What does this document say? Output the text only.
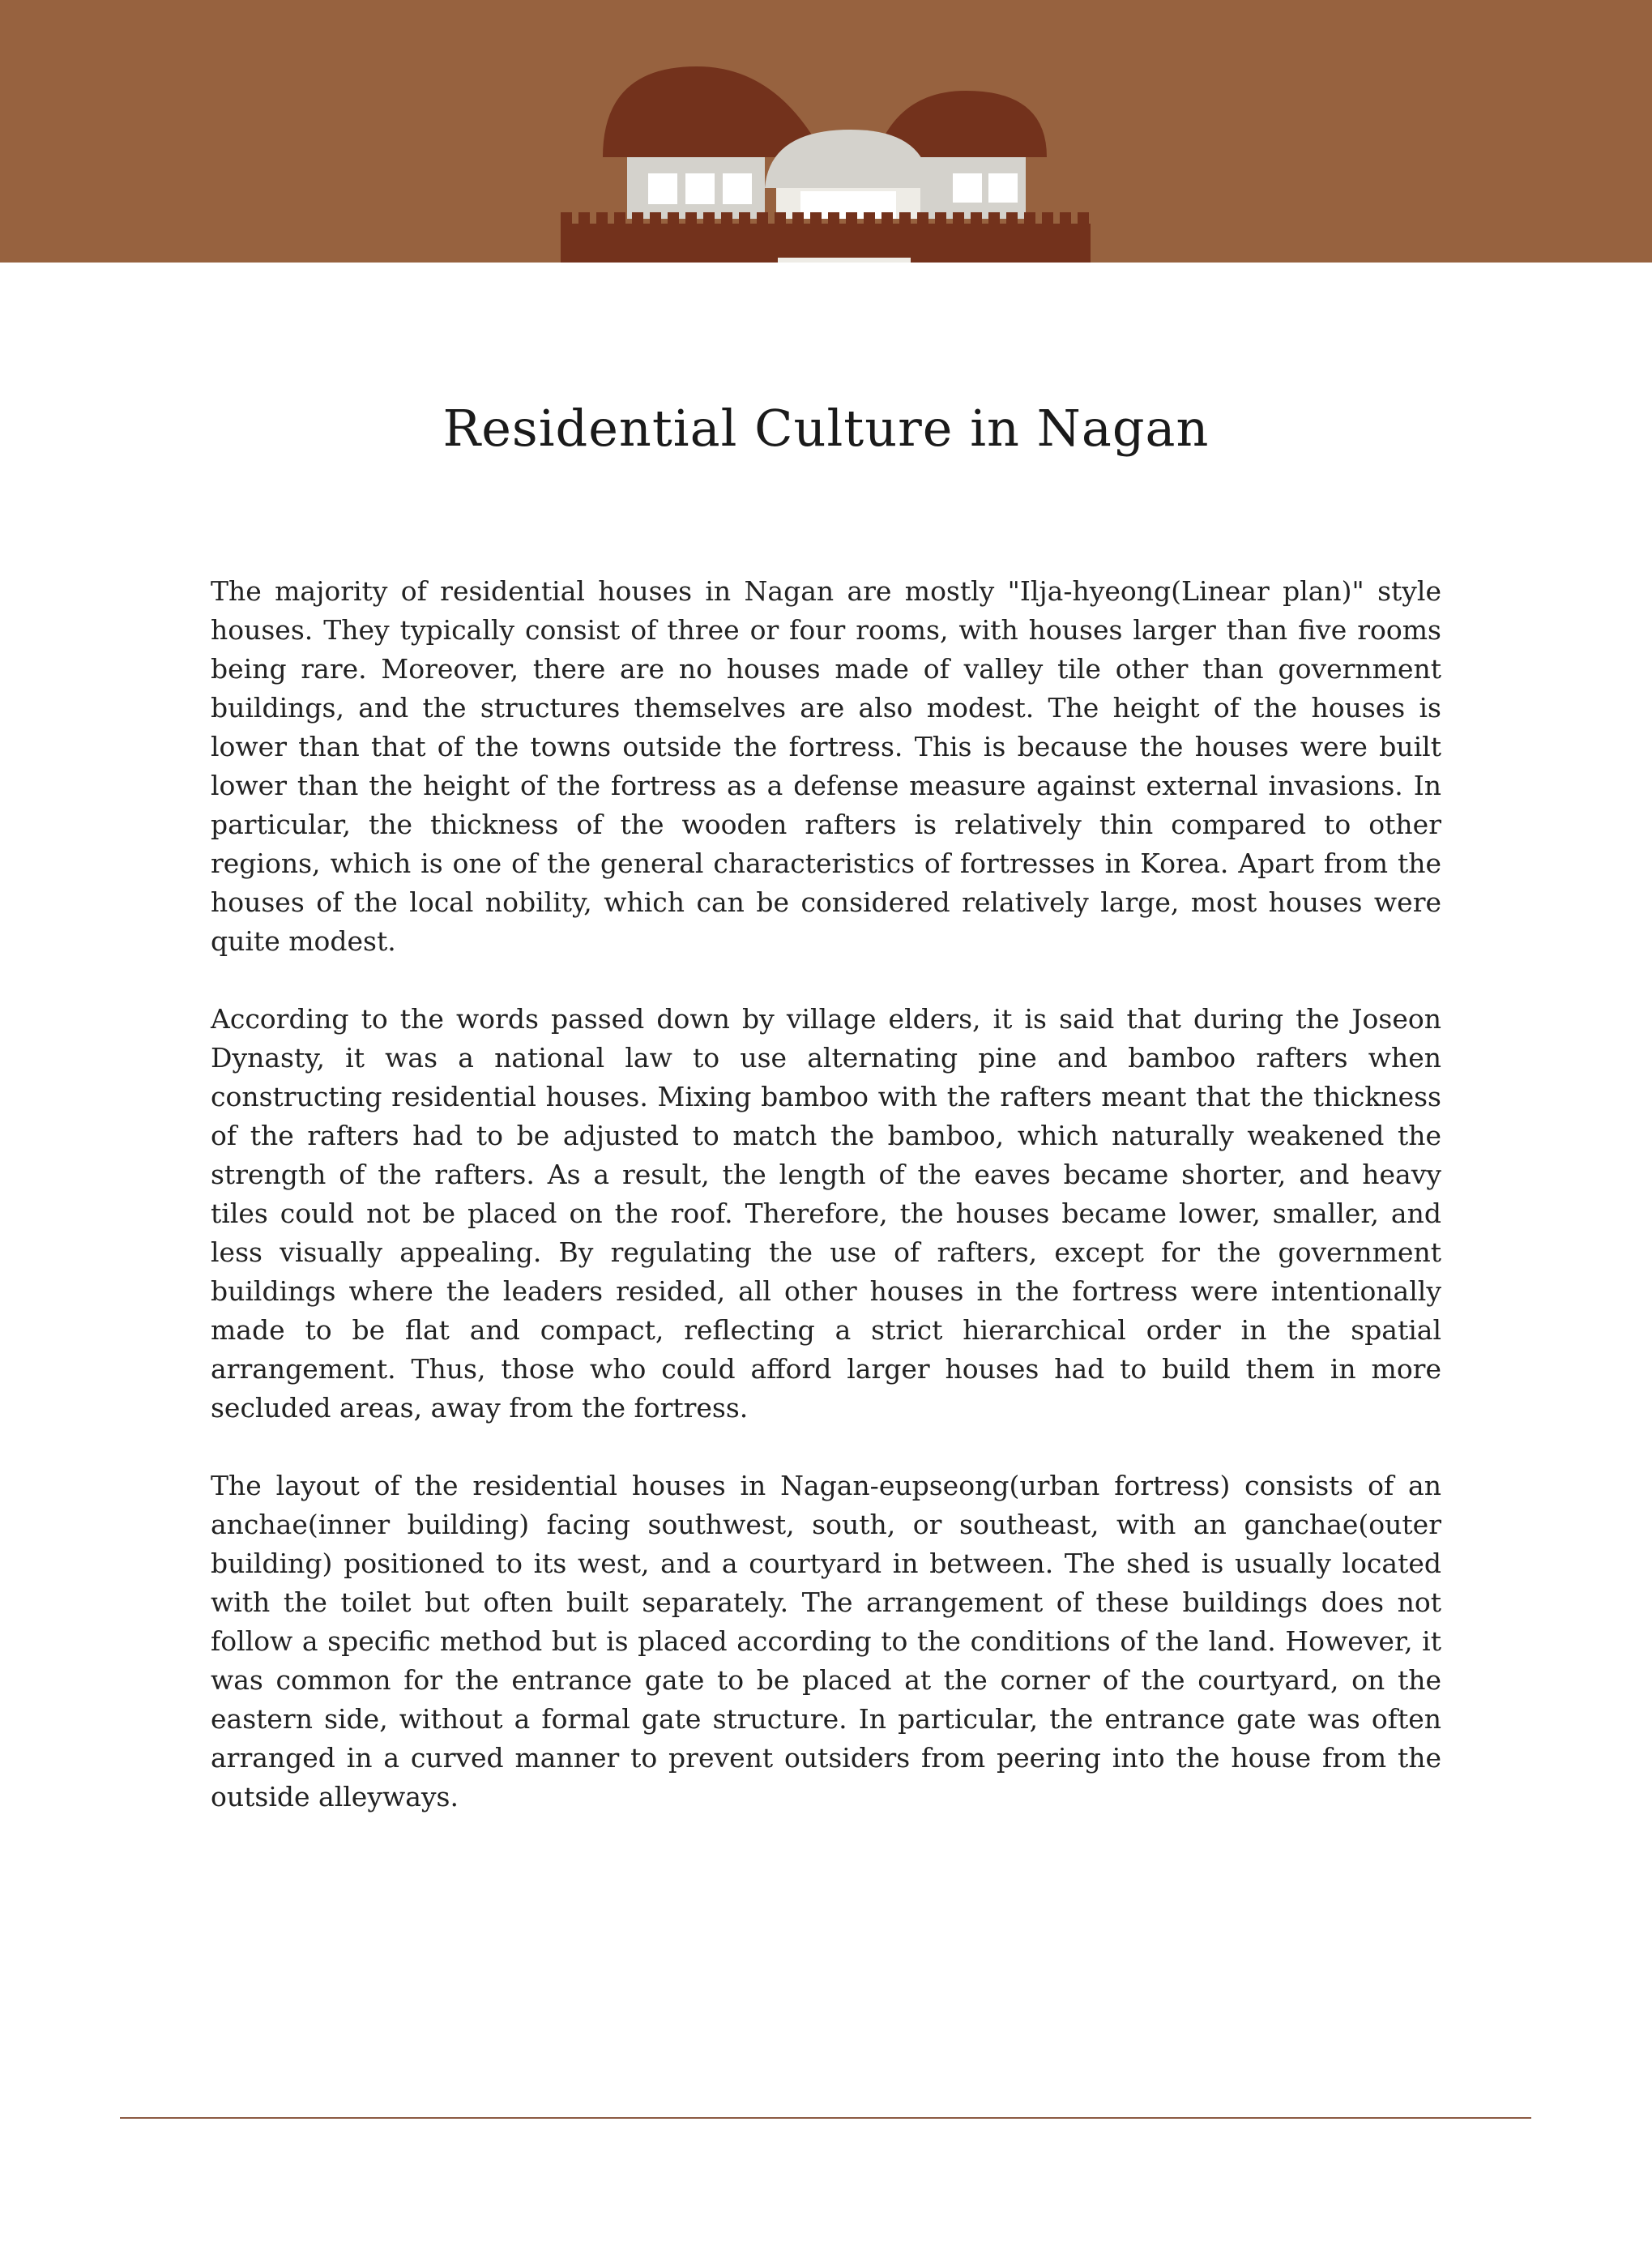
Residential Culture in Nagan

The majority of residential houses in Nagan are mostly "Ilja-hyeong(Linear plan)" style houses. They typically consist of three or four rooms, with houses larger than five rooms being rare. Moreover, there are no houses made of valley tile other than government buildings, and the structures themselves are also modest. The height of the houses is lower than that of the towns outside the fortress. This is because the houses were built lower than the height of the fortress as a defense measure against external invasions. In particular, the thickness of the wooden rafters is relatively thin compared to other regions, which is one of the general characteristics of fortresses in Korea. Apart from the houses of the local nobility, which can be considered relatively large, most houses were quite modest.

According to the words passed down by village elders, it is said that during the Joseon Dynasty, it was a national law to use alternating pine and bamboo rafters when constructing residential houses. Mixing bamboo with the rafters meant that the thickness of the rafters had to be adjusted to match the bamboo, which naturally weakened the strength of the rafters. As a result, the length of the eaves became shorter, and heavy tiles could not be placed on the roof. Therefore, the houses became lower, smaller, and less visually appealing. By regulating the use of rafters, except for the government buildings where the leaders resided, all other houses in the fortress were intentionally made to be flat and compact, reflecting a strict hierarchical order in the spatial arrangement. Thus, those who could afford larger houses had to build them in more secluded areas, away from the fortress.

The layout of the residential houses in Nagan-eupseong(urban fortress) consists of an anchae(inner building) facing southwest, south, or southeast, with an ganchae(outer building) positioned to its west, and a courtyard in between. The shed is usually located with the toilet but often built separately. The arrangement of these buildings does not follow a specific method but is placed according to the conditions of the land. However, it was common for the entrance gate to be placed at the corner of the courtyard, on the eastern side, without a formal gate structure. In particular, the entrance gate was often arranged in a curved manner to prevent outsiders from peering into the house from the outside alleyways.
